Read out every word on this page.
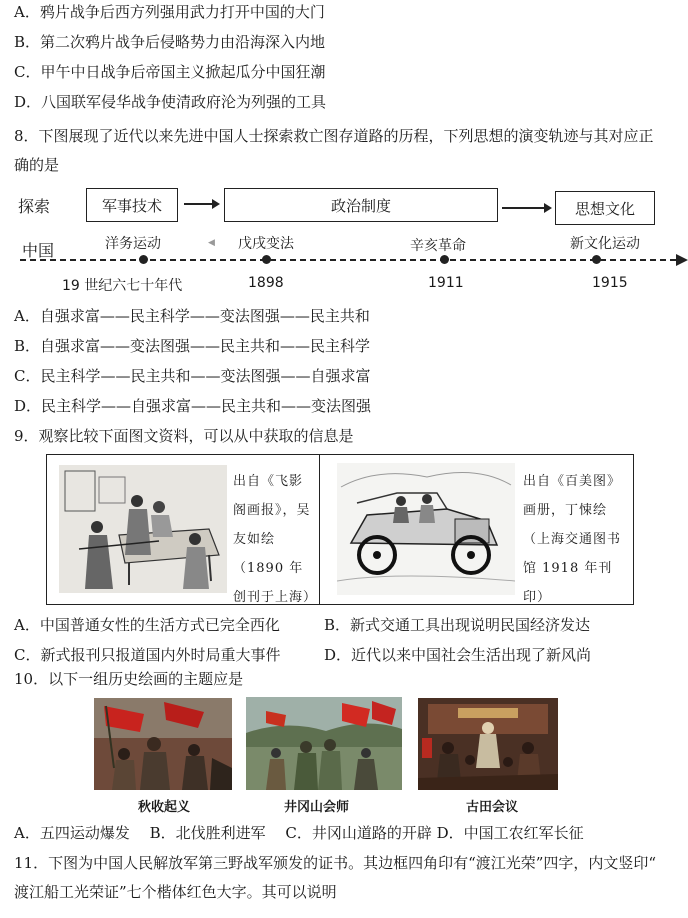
A．鸦片战争后西方列强用武力打开中国的大门
B．第二次鸦片战争后侵略势力由沿海深入内地
C．甲午中日战争后帝国主义掀起瓜分中国狂潮
D．八国联军侵华战争使清政府沦为列强的工具
8．下图展现了近代以来先进中国人士探索救亡图存道路的历程，下列思想的演变轨迹与其对应正
确的是
探索	军事技术	政治制度	思想文化
中国	洋务运动	戊戌变法	辛亥革命	新文化运动
◀
19 世纪六七十年代	1898	1911	1915
A．自强求富——民主科学——变法图强——民主共和
B．自强求富——变法图强——民主共和——民主科学
C．民主科学——民主共和——变法图强——自强求富
D．民主科学——自强求富——民主共和——变法图强
9．观察比较下面图文资料，可以从中获取的信息是
出自《飞影阁画报》，吴友如绘（1890 年创刊于上海）
出自《百美图》画册，丁悚绘（上海交通图书馆 1918 年刊印）
A．中国普通女性的生活方式已完全西化	B．新式交通工具出现说明民国经济发达
C．新式报刊只报道国内外时局重大事件	D．近代以来中国社会生活出现了新风尚
10．以下一组历史绘画的主题应是
秋收起义	井冈山会师	古田会议
A．五四运动爆发 　B．北伐胜利进军 　C．井冈山道路的开辟 D．中国工农红军长征
11．下图为中国人民解放军第三野战军颁发的证书。其边框四角印有“渡江光荣”四字，内文竖印“
渡江船工光荣证”七个楷体红色大字。其可以说明
